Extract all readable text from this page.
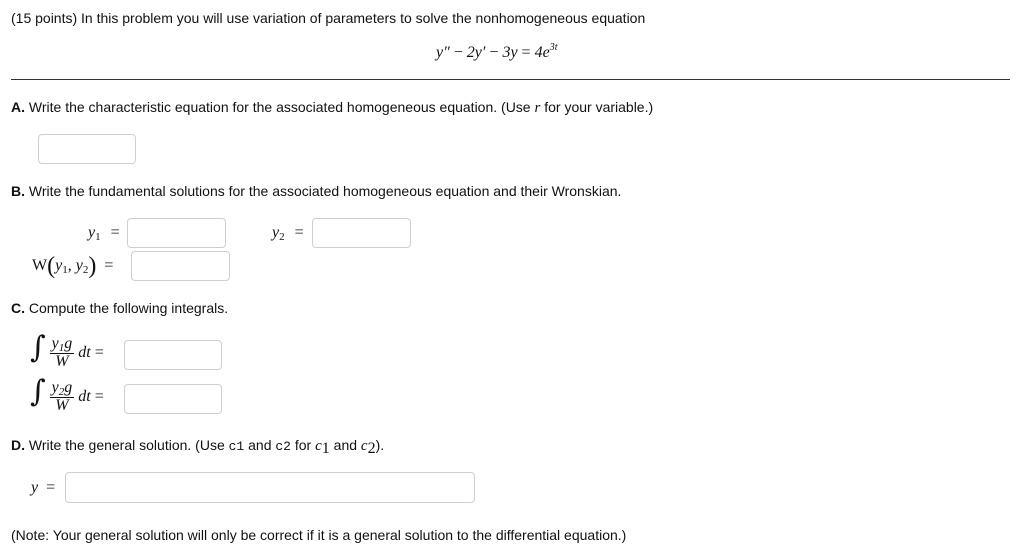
(15 points) In this problem you will use variation of parameters to solve the nonhomogeneous equation
$y'' - 2y' - 3y = 4e^{3t}$
A. Write the characteristic equation for the associated homogeneous equation. (Use r for your variable.)
B. Write the fundamental solutions for the associated homogeneous equation and their Wronskian.
$y_1$ =	$y_2$ =
$W(y_1$, $y_2$) =
C. Compute the following integrals.
∫ $\frac{y_1g}{W}$ dt =
∫ $\frac{y_2g}{W}$ dt =
D. Write the general solution. (Use c1 and c2 for $c_1$ and $c_2$).
y =
(Note: Your general solution will only be correct if it is a general solution to the differential equation.)
